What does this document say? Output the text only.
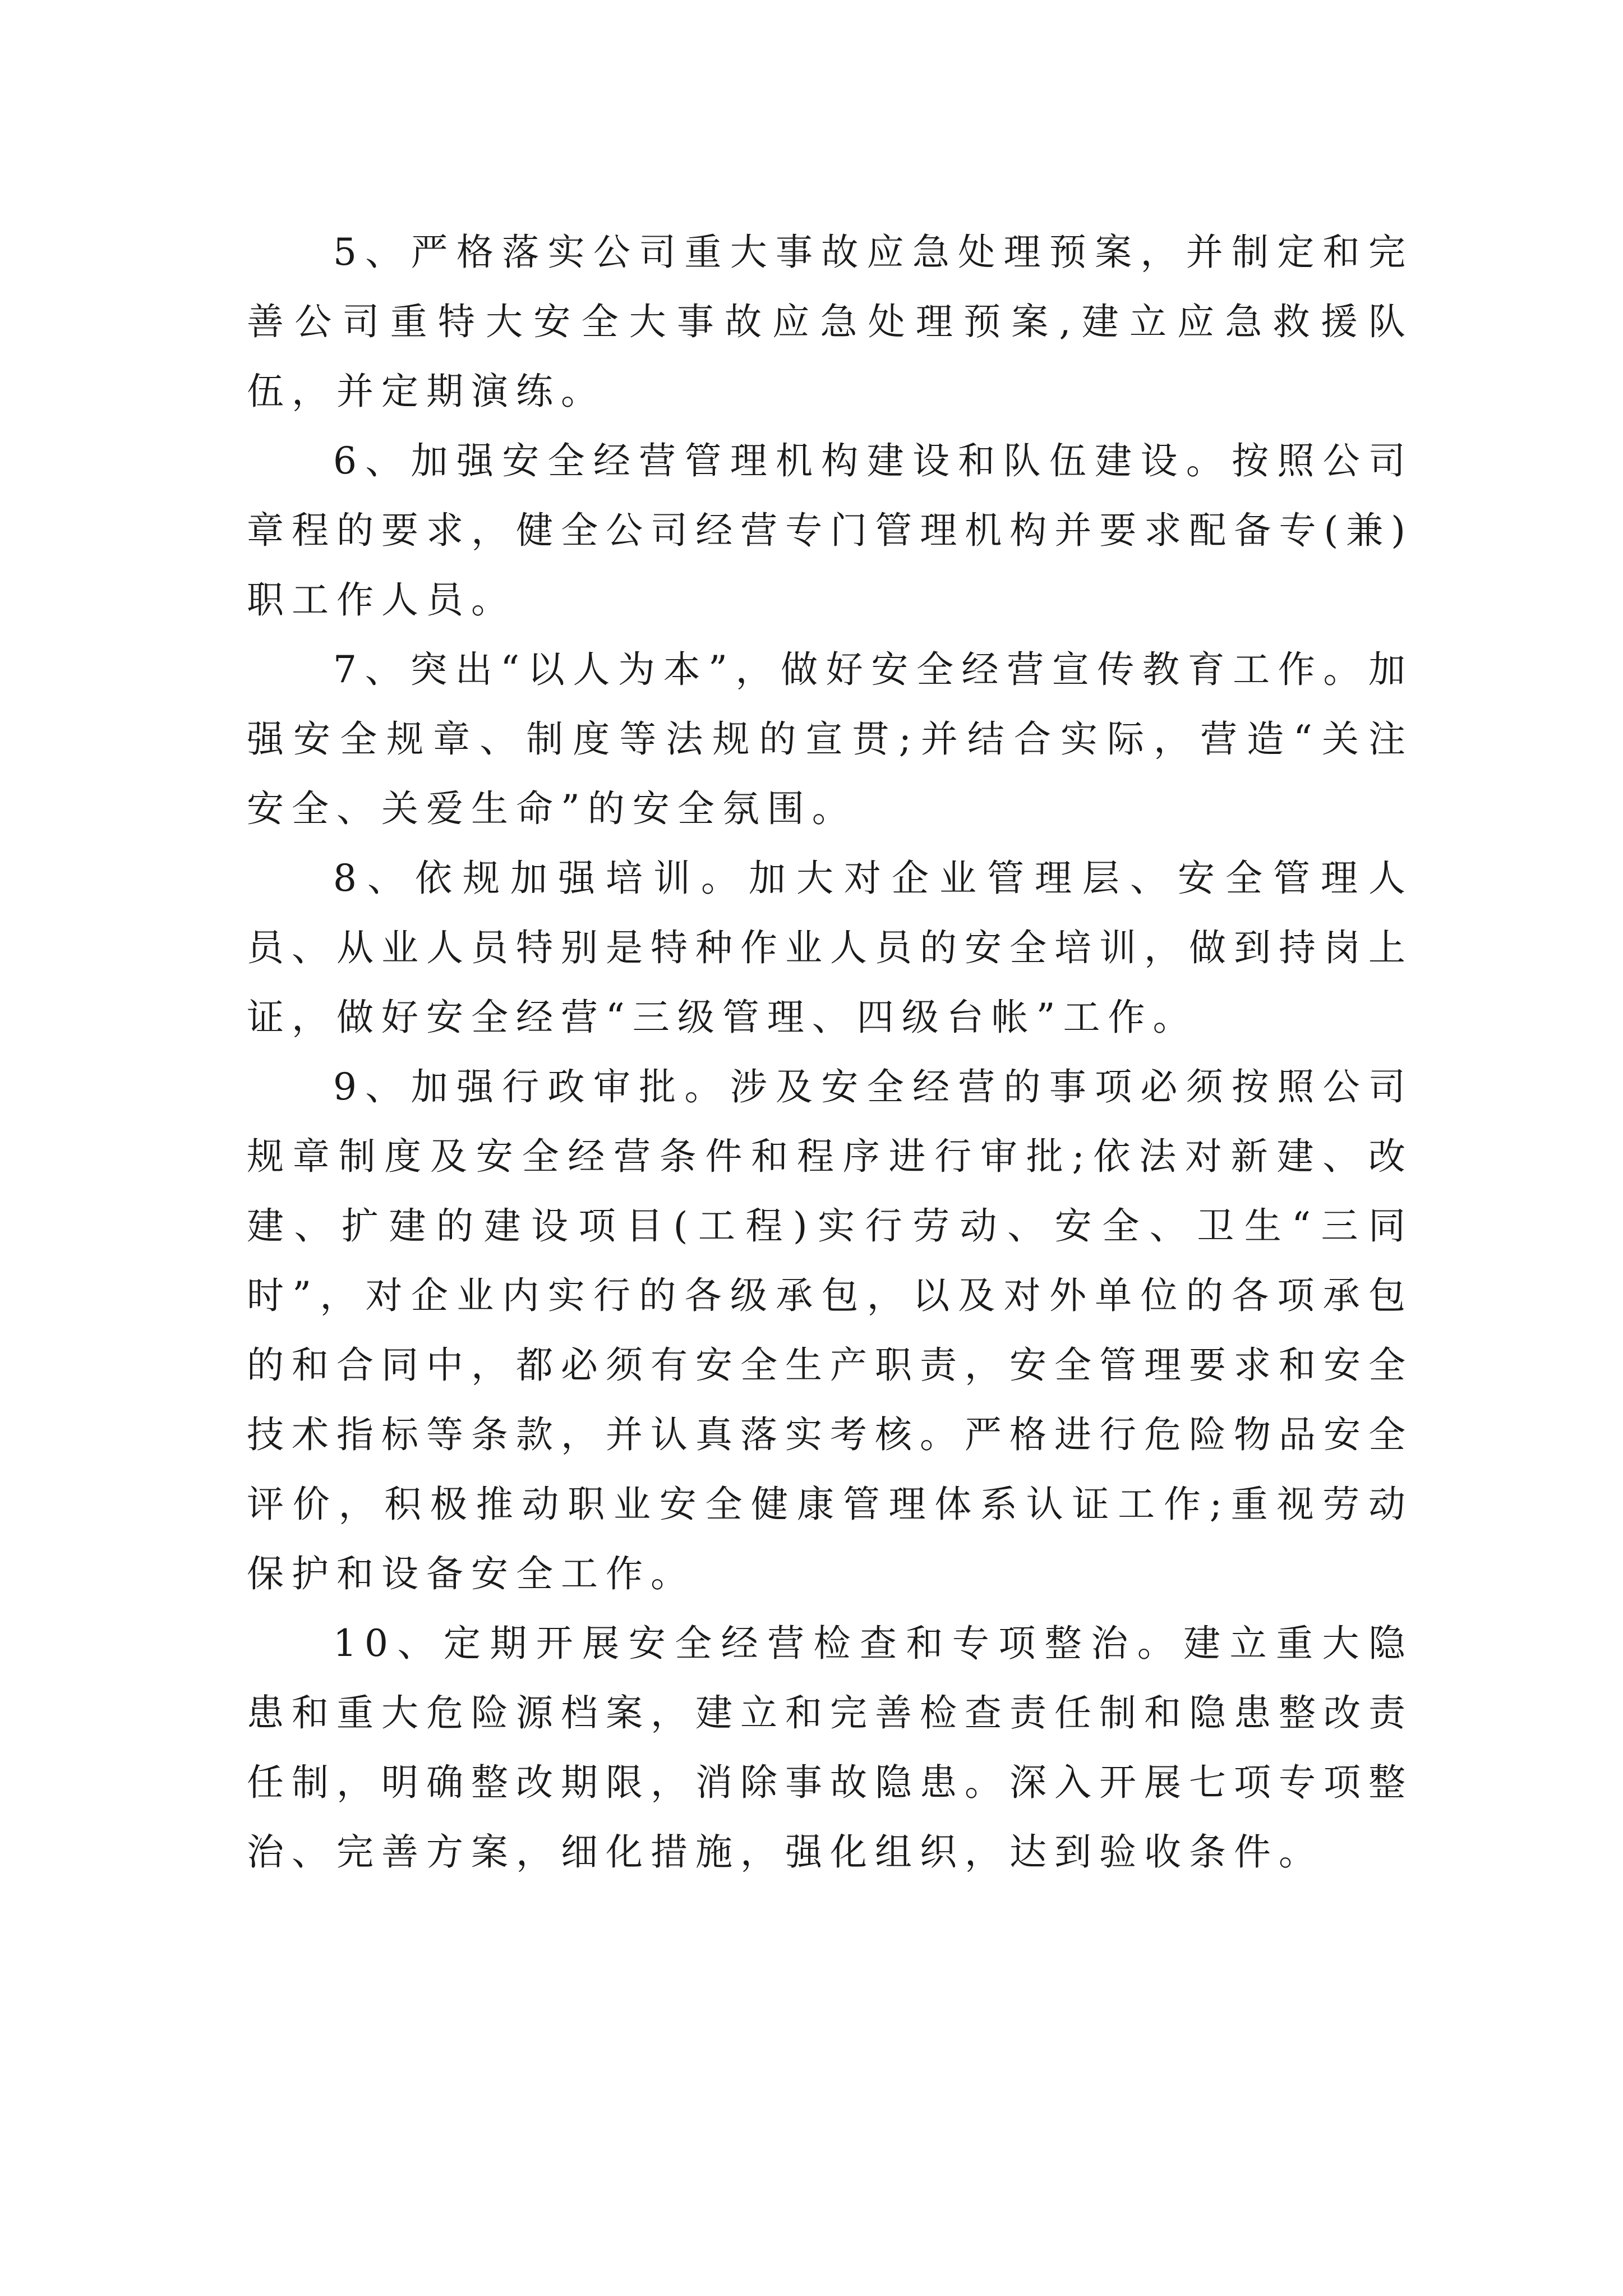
5、严格落实公司重大事故应急处理预案，并制定和完善公司重特大安全大事故应急处理预案,建立应急救援队伍，并定期演练。

6、加强安全经营管理机构建设和队伍建设。按照公司章程的要求，健全公司经营专门管理机构并要求配备专(兼)职工作人员。

7、突出“以人为本”，做好安全经营宣传教育工作。加强安全规章、制度等法规的宣贯;并结合实际，营造“关注安全、关爱生命”的安全氛围。

8、依规加强培训。加大对企业管理层、安全管理人员、从业人员特别是特种作业人员的安全培训，做到持岗上证，做好安全经营“三级管理、四级台帐”工作。

9、加强行政审批。涉及安全经营的事项必须按照公司规章制度及安全经营条件和程序进行审批;依法对新建、改建、扩建的建设项目(工程)实行劳动、安全、卫生“三同时”，对企业内实行的各级承包，以及对外单位的各项承包的和合同中，都必须有安全生产职责，安全管理要求和安全技术指标等条款，并认真落实考核。严格进行危险物品安全评价，积极推动职业安全健康管理体系认证工作;重视劳动保护和设备安全工作。

10、定期开展安全经营检查和专项整治。建立重大隐患和重大危险源档案，建立和完善检查责任制和隐患整改责任制，明确整改期限，消除事故隐患。深入开展七项专项整治、完善方案，细化措施，强化组织，达到验收条件。
